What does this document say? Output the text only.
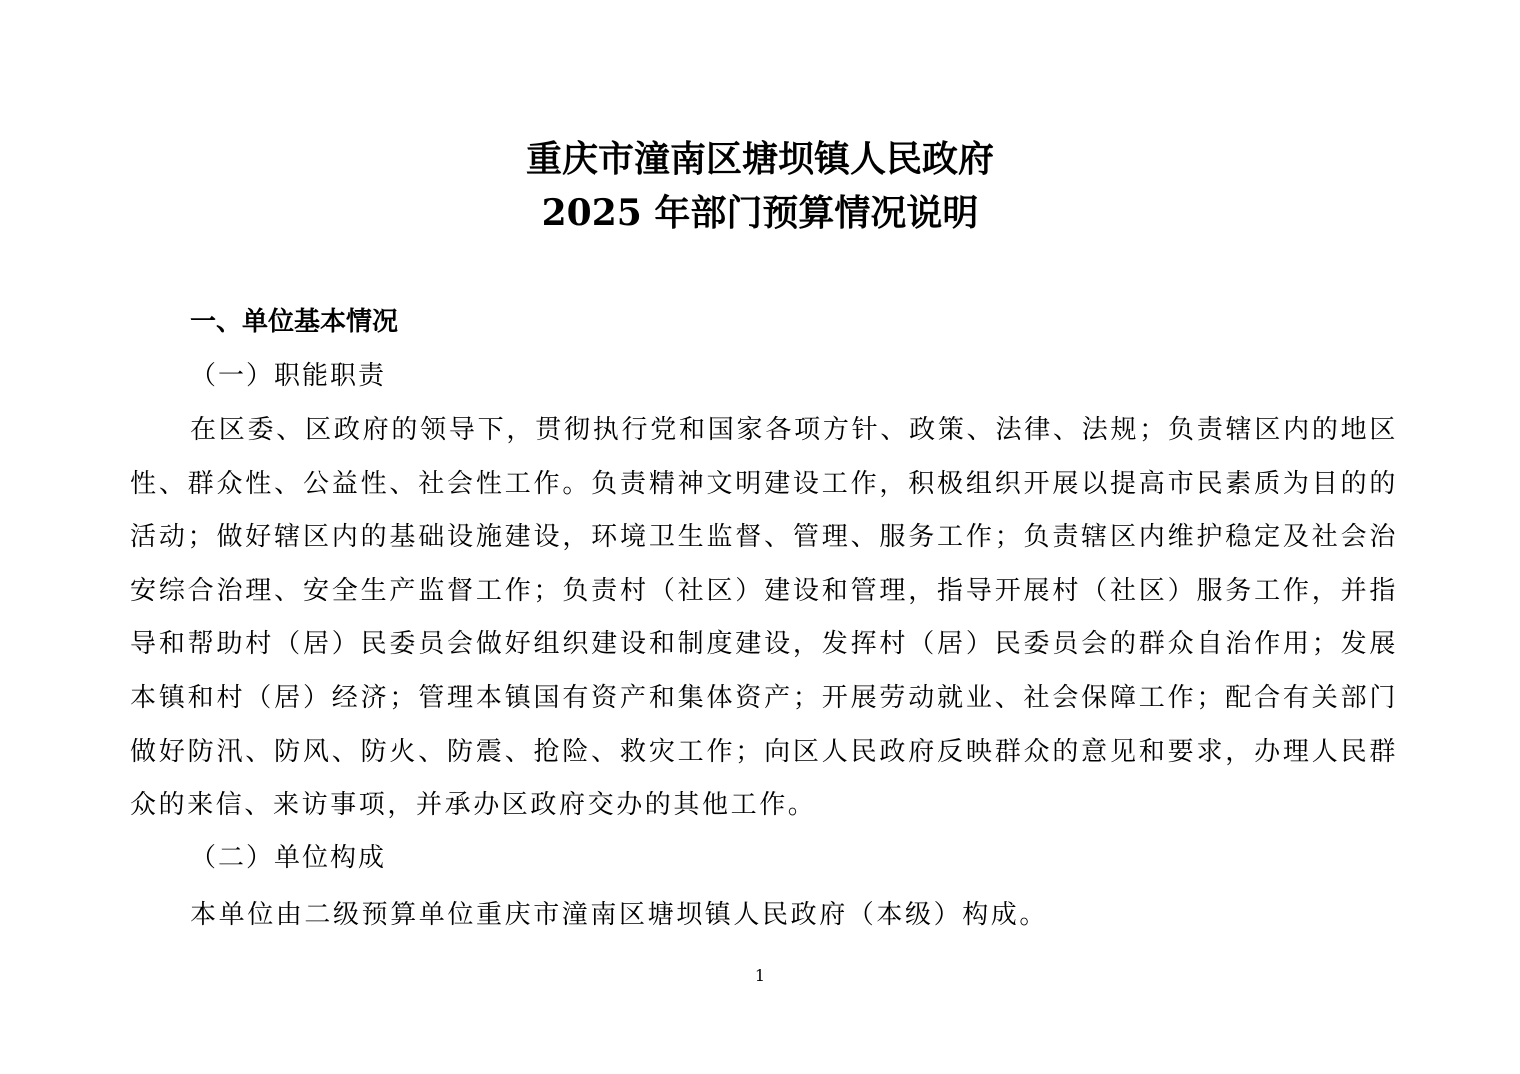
重庆市潼南区塘坝镇人民政府
2025 年部门预算情况说明
一、单位基本情况
（一）职能职责

在区委、区政府的领导下，贯彻执行党和国家各项方针、政策、法律、法规；负责辖区内的地区性、群众性、公益性、社会性工作。负责精神文明建设工作，积极组织开展以提高市民素质为目的的活动；做好辖区内的基础设施建设，环境卫生监督、管理、服务工作；负责辖区内维护稳定及社会治安综合治理、安全生产监督工作；负责村（社区）建设和管理，指导开展村（社区）服务工作，并指导和帮助村（居）民委员会做好组织建设和制度建设，发挥村（居）民委员会的群众自治作用；发展本镇和村（居）经济；管理本镇国有资产和集体资产；开展劳动就业、社会保障工作；配合有关部门做好防汛、防风、防火、防震、抢险、救灾工作；向区人民政府反映群众的意见和要求，办理人民群众的来信、来访事项，并承办区政府交办的其他工作。

（二）单位构成

本单位由二级预算单位重庆市潼南区塘坝镇人民政府（本级）构成。

1
